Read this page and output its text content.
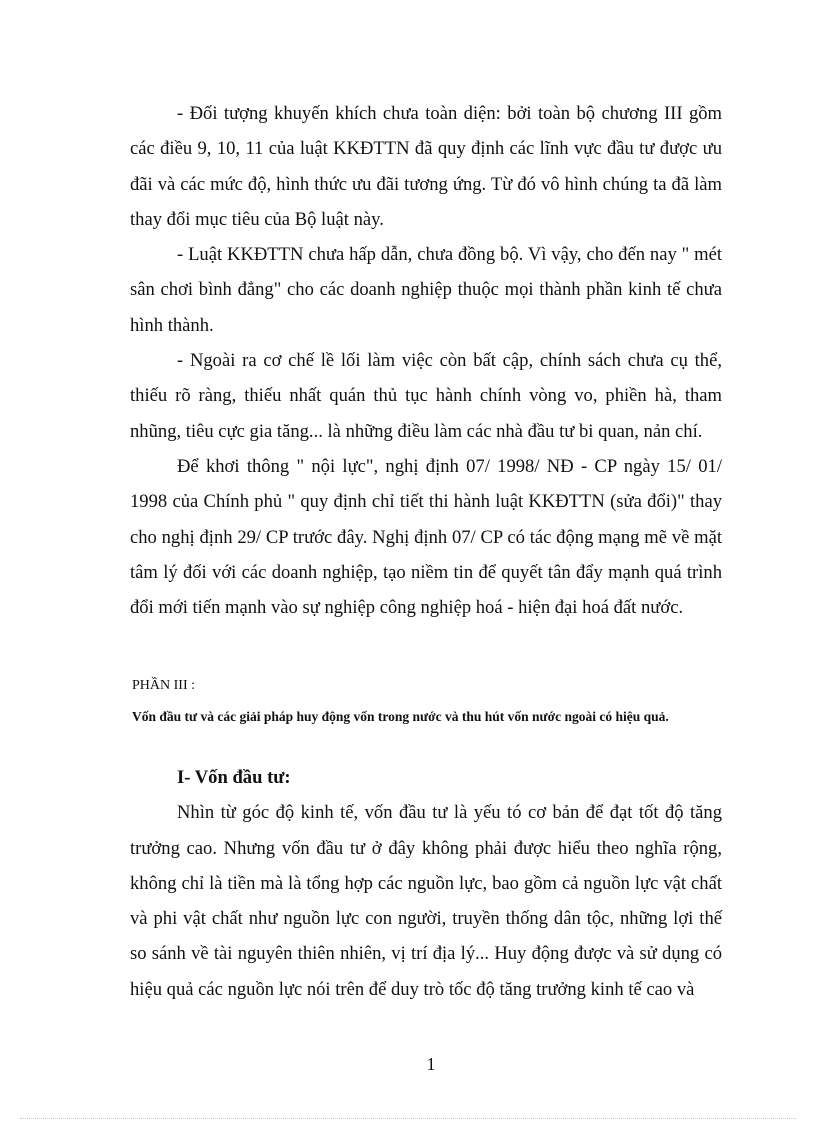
- Đối tượng khuyến khích chưa toàn diện: bởi toàn bộ chương III gồm các điều 9, 10, 11 của luật KKĐTTN đã quy định các lĩnh vực đầu tư được ưu đãi và các mức độ, hình thức ưu đãi tương ứng. Từ đó vô hình chúng ta đã làm thay đổi mục tiêu của Bộ luật này.

- Luật KKĐTTN chưa hấp dẫn, chưa đồng bộ. Vì vậy, cho đến nay " mét sân chơi bình đẳng" cho các doanh nghiệp thuộc mọi thành phần kinh tế chưa hình thành.

- Ngoài ra cơ chế lề lối làm việc còn bất cập, chính sách chưa cụ thể, thiếu rõ ràng, thiếu nhất quán thủ tục hành chính vòng vo, phiền hà, tham nhũng, tiêu cực gia tăng... là những điều làm các nhà đầu tư bi quan, nản chí.

Để khơi thông " nội lực", nghị định 07/ 1998/ NĐ - CP ngày 15/ 01/ 1998 của Chính phủ " quy định chỉ tiết thi hành luật KKĐTTN (sửa đổi)" thay cho nghị định 29/ CP trước đây. Nghị định 07/ CP có tác động mạng mẽ về mặt tâm lý đối với các doanh nghiệp, tạo niềm tin để quyết tân đẩy mạnh quá trình đổi mới tiến mạnh vào sự nghiệp công nghiệp hoá - hiện đại hoá đất nước.

PHẦN III :
Vốn đầu tư và các giải pháp huy động vốn trong nước và thu hút vốn nước ngoài có hiệu quả.
I- Vốn đầu tư:

Nhìn từ góc độ kinh tế, vốn đầu tư là yếu tó cơ bản để đạt tốt độ tăng trưởng cao. Nhưng vốn đầu tư ở đây không phải được hiểu theo nghĩa rộng, không chỉ là tiền mà là tổng hợp các nguồn lực, bao gồm cả nguồn lực vật chất và phi vật chất như nguồn lực con người, truyền thống dân tộc, những lợi thế so sánh về tài nguyên thiên nhiên, vị trí địa lý... Huy động được và sử dụng có hiệu quả các nguồn lực nói trên để duy trò tốc độ tăng trưởng kinh tế cao và

1
